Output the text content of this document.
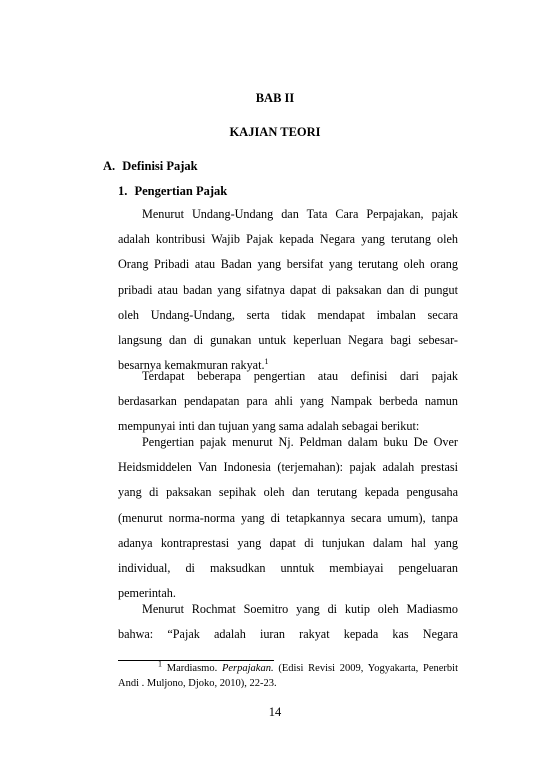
BAB II
KAJIAN TEORI
A. Definisi Pajak
1. Pengertian Pajak
Menurut Undang-Undang dan Tata Cara Perpajakan, pajak
adalah kontribusi Wajib Pajak kepada Negara yang terutang oleh
Orang Pribadi atau Badan yang bersifat yang terutang oleh orang
pribadi atau badan yang sifatnya dapat di paksakan dan di pungut
oleh Undang-Undang, serta tidak mendapat imbalan secara
langsung dan di gunakan untuk keperluan Negara bagi sebesar-
besarnya kemakmuran rakyat.$^1$
Terdapat beberapa pengertian atau definisi dari pajak
berdasarkan pendapatan para ahli yang Nampak berbeda namun
mempunyai inti dan tujuan yang sama adalah sebagai berikut:
Pengertian pajak menurut Nj. Peldman dalam buku De Over
Heidsmiddelen Van Indonesia (terjemahan): pajak adalah prestasi
yang di paksakan sepihak oleh dan terutang kepada pengusaha
(menurut norma-norma yang di tetapkannya secara umum), tanpa
adanya kontraprestasi yang dapat di tunjukan dalam hal yang
individual, di maksudkan unntuk membiayai pengeluaran
pemerintah.
Menurut Rochmat Soemitro yang di kutip oleh Madiasmo
bahwa: “Pajak adalah iuran rakyat kepada kas Negara
$^1$ Mardiasmo. Perpajakan. (Edisi Revisi 2009, Yogyakarta, Penerbit
Andi . Muljono, Djoko, 2010), 22-23.
14
